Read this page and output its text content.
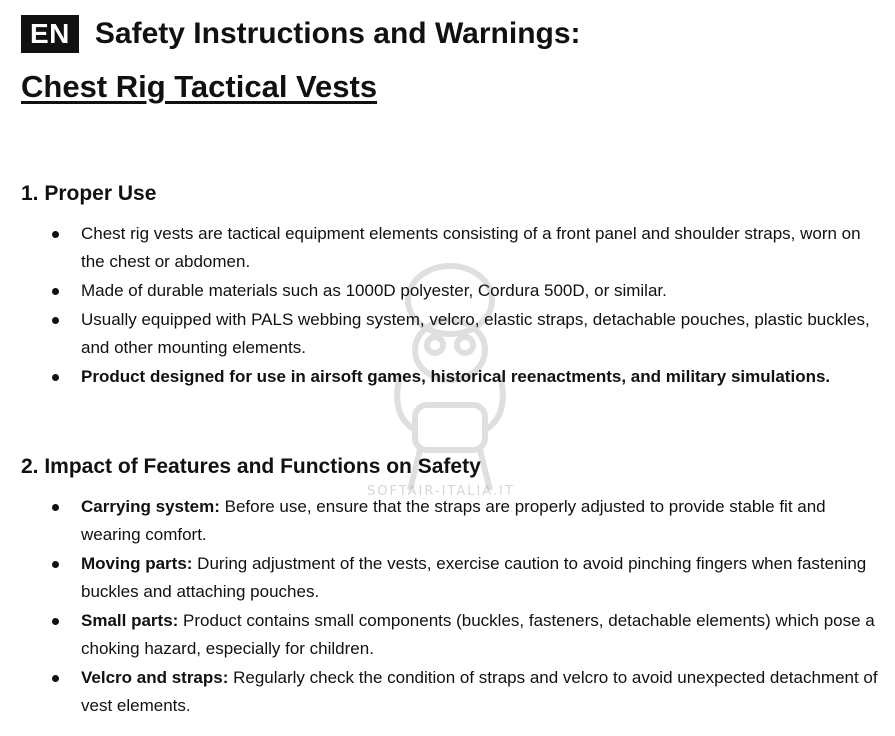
SOFTAIR-ITALIA.IT
EN Safety Instructions and Warnings:
Chest Rig Tactical Vests
1. Proper Use
Chest rig vests are tactical equipment elements consisting of a front panel and shoulder straps, worn on the chest or abdomen.
Made of durable materials such as 1000D polyester, Cordura 500D, or similar.
Usually equipped with PALS webbing system, velcro, elastic straps, detachable pouches, plastic buckles, and other mounting elements.
Product designed for use in airsoft games, historical reenactments, and military simulations.
2. Impact of Features and Functions on Safety
Carrying system: Before use, ensure that the straps are properly adjusted to provide stable fit and wearing comfort.
Moving parts: During adjustment of the vests, exercise caution to avoid pinching fingers when fastening buckles and attaching pouches.
Small parts: Product contains small components (buckles, fasteners, detachable elements) which pose a choking hazard, especially for children.
Velcro and straps: Regularly check the condition of straps and velcro to avoid unexpected detachment of vest elements.
